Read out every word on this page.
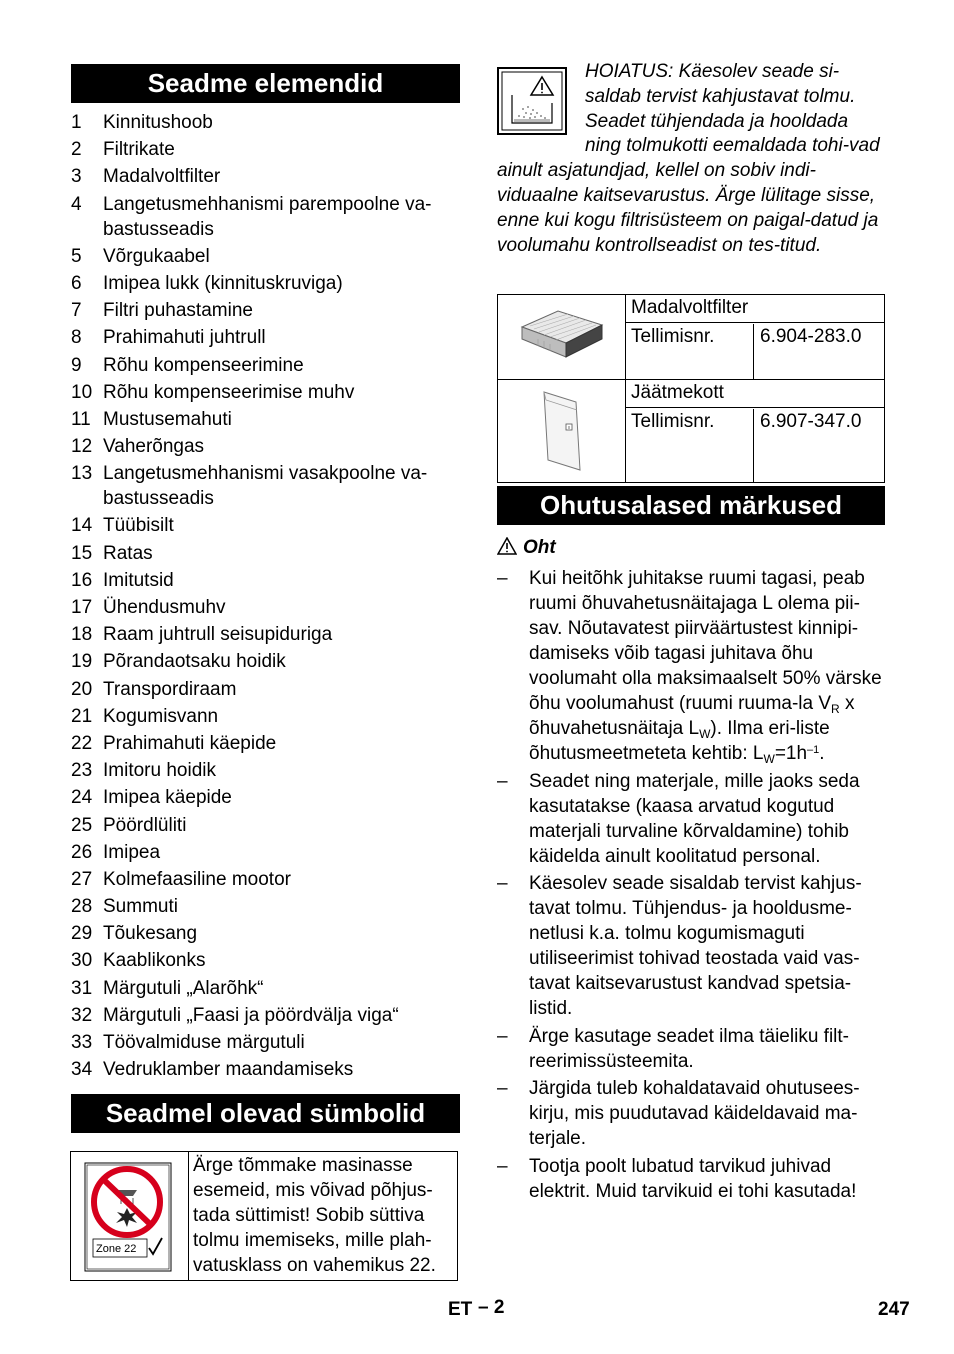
Seadme elemendid
1	Kinnitushoob
2	Filtrikate
3	Madalvoltfilter
4	Langetusmehhanismi parempoolne va-bastusseadis
5	Võrgukaabel
6	Imipea lukk (kinnituskruviga)
7	Filtri puhastamine
8	Prahimahuti juhtrull
9	Rõhu kompenseerimine
10 Rõhu kompenseerimise muhv
11 Mustusemahuti
12 Vaherõngas
13 Langetusmehhanismi vasakpoolne va-bastusseadis
14 Tüübisilt
15 Ratas
16 Imitutsid
17 Ühendusmuhv
18 Raam juhtrull seisupiduriga
19 Põrandaotsaku hoidik
20 Transpordiraam
21 Kogumisvann
22 Prahimahuti käepide
23 Imitoru hoidik
24 Imipea käepide
25 Pöördlüliti
26 Imipea
27 Kolmefaasiline mootor
28 Summuti
29 Tõukesang
30 Kaablikonks
31 Märgutuli „Alarõhk“
32 Märgutuli „Faasi ja pöördvälja viga“
33 Töövalmiduse märgutuli
34 Vedruklamber maandamiseks
Seadmel olevad sümbolid
Zone 22
Ärge tõmmake masinasse esemeid, mis võivad põhjus-tada süttimist! Sobib süttiva tolmu imemiseks, mille plah-vatusklass on vahemikus 22.
HOIATUS: Käesolev seade si-saldab tervist kahjustavat tolmu. Seadet tühjendada ja hooldada ning tolmukotti eemaldada tohi-vad ainult asjatundjad, kellel on sobiv indi-viduaalne kaitsevarustus. Ärge lülitage sisse, enne kui kogu filtrisüsteem on paigal-datud ja voolumahu kontrollseadist on tes-titud.
Madalvoltfilter
Tellimisnr.	6.904-283.0
Jäätmekott
Tellimisnr.	6.907-347.0
Ohutusalased märkused
Oht
–	Kui heitõhk juhitakse ruumi tagasi, peab ruumi õhuvahetusnäitajaga L olema pii-sav. Nõutavatest piirväärtustest kinnipi-damiseks võib tagasi juhitava õhu voolumaht olla maksimaalselt 50% värske õhu voolumahust (ruumi ruuma-la $V_R$ x õhuvahetusnäitaja $L_W$). Ilma eri-liste õhutusmeetmeteta kehtib: $L_W=1h^{-1}$.
–	Seadet ning materjale, mille jaoks seda kasutatakse (kaasa arvatud kogutud materjali turvaline kõrvaldamine) tohib käidelda ainult koolitatud personal.
–	Käesolev seade sisaldab tervist kahjus-tavat tolmu. Tühjendus- ja hooldusme-netlusi k.a. tolmu kogumismaguti utiliseerimist tohivad teostada vaid vas-tavat kaitsevarustust kandvad spetsia-listid.
–	Ärge kasutage seadet ilma täieliku filt-reerimissüsteemita.
–	Järgida tuleb kohaldatavaid ohutusees-kirju, mis puudutavad käideldavaid ma-terjale.
–	Tootja poolt lubatud tarvikud juhivad elektrit. Muid tarvikuid ei tohi kasutada!
ET – 2	247
